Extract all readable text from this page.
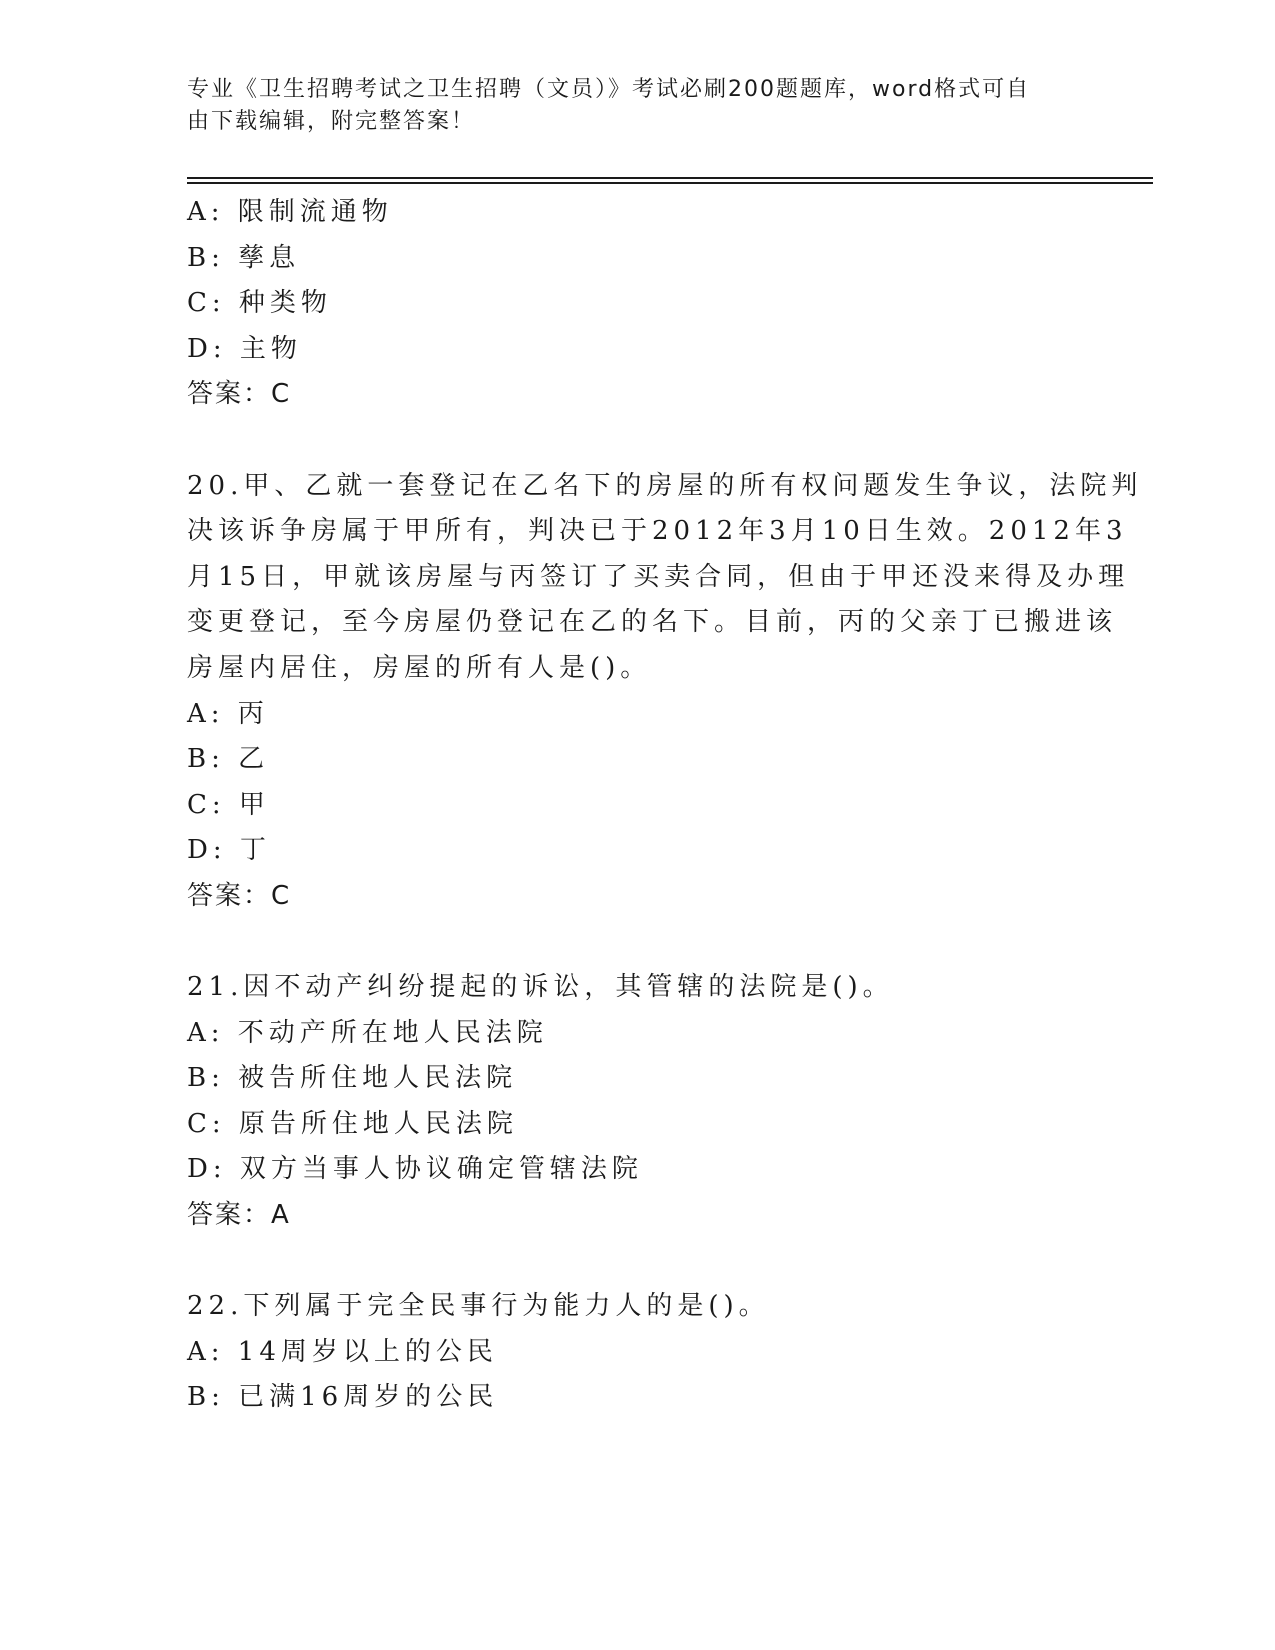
专业《卫生招聘考试之卫生招聘（文员）》考试必刷200题题库，word格式可自
由下载编辑，附完整答案！
A: 限制流通物
B: 孳息
C: 种类物
D: 主物
答案：C
20.甲、乙就一套登记在乙名下的房屋的所有权问题发生争议，法院判
决该诉争房属于甲所有，判决已于2012年3月10日生效。2012年3
月15日，甲就该房屋与丙签订了买卖合同，但由于甲还没来得及办理
变更登记，至今房屋仍登记在乙的名下。目前，丙的父亲丁已搬进该
房屋内居住，房屋的所有人是()。
A: 丙
B: 乙
C: 甲
D: 丁
答案：C
21.因不动产纠纷提起的诉讼，其管辖的法院是()。
A: 不动产所在地人民法院
B: 被告所住地人民法院
C: 原告所住地人民法院
D: 双方当事人协议确定管辖法院
答案：A
22.下列属于完全民事行为能力人的是()。
A: 14周岁以上的公民
B: 已满16周岁的公民
